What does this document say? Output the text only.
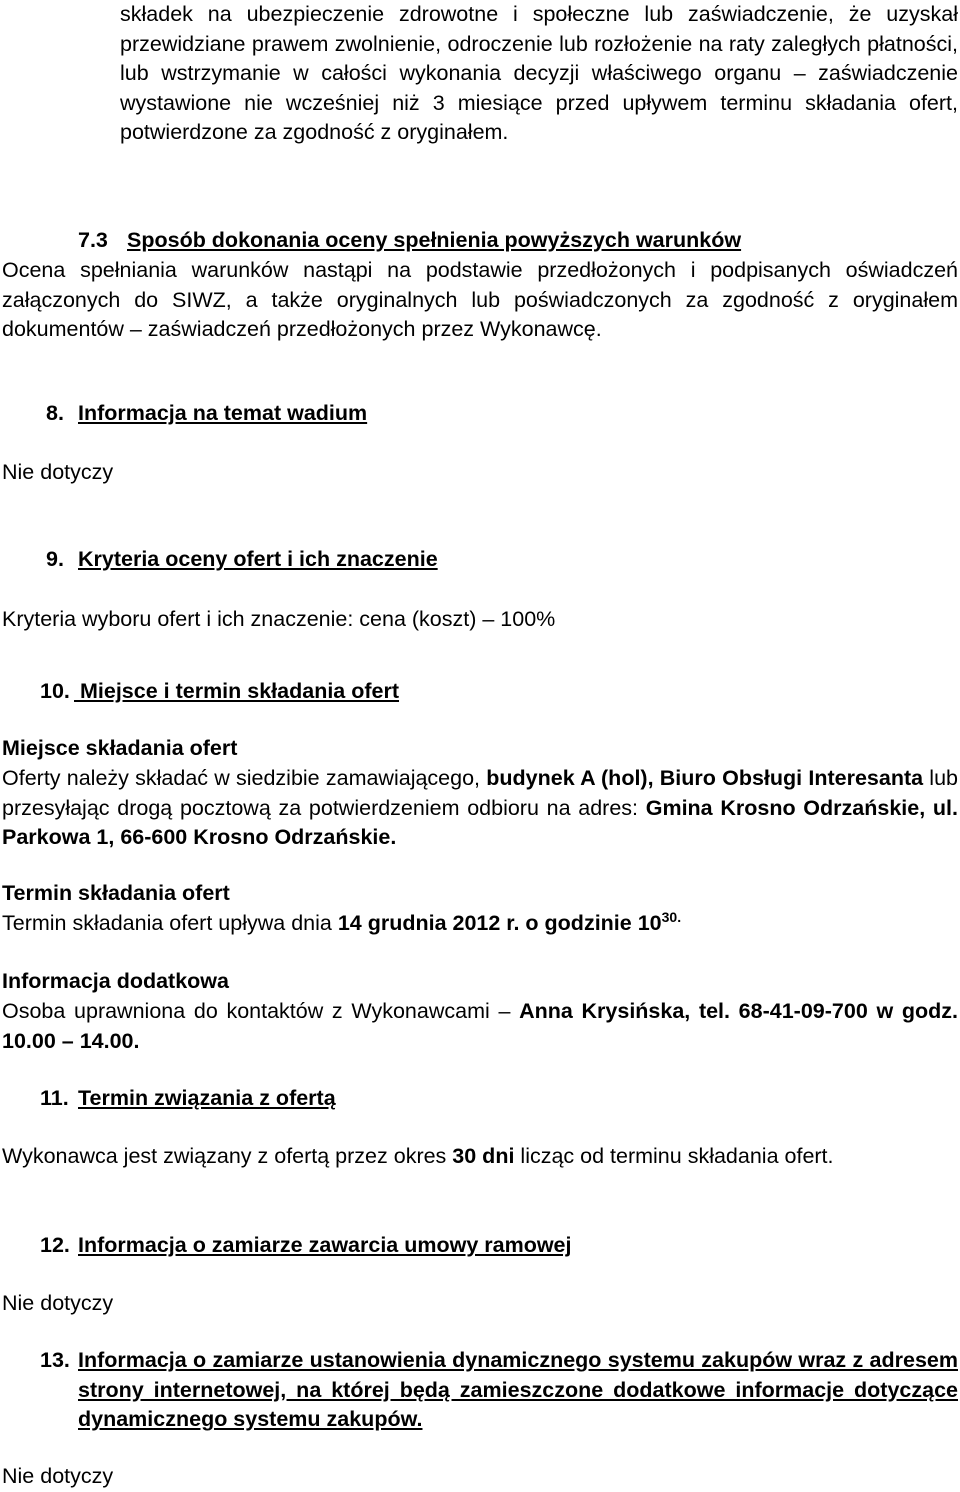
składek na ubezpieczenie zdrowotne i społeczne lub zaświadczenie, że uzyskał przewidziane prawem zwolnienie, odroczenie lub rozłożenie na raty zaległych płatności, lub wstrzymanie w całości wykonania decyzji właściwego organu – zaświadczenie wystawione nie wcześniej niż 3 miesiące przed upływem terminu składania ofert, potwierdzone za zgodność z oryginałem.
7.3 Sposób dokonania oceny spełnienia powyższych warunków
Ocena spełniania warunków nastąpi na podstawie przedłożonych i podpisanych oświadczeń załączonych do SIWZ, a także oryginalnych lub poświadczonych za zgodność z oryginałem dokumentów – zaświadczeń przedłożonych przez Wykonawcę.
8. Informacja na temat wadium
Nie dotyczy
9. Kryteria oceny ofert i ich znaczenie
Kryteria wyboru ofert i ich znaczenie: cena (koszt) – 100%
10. Miejsce i termin składania ofert
Miejsce składania ofert
Oferty należy składać w siedzibie zamawiającego, budynek A (hol), Biuro Obsługi Interesanta lub przesyłając drogą pocztową za potwierdzeniem odbioru na adres: Gmina Krosno Odrzańskie, ul. Parkowa 1, 66-600 Krosno Odrzańskie.
Termin składania ofert
Termin składania ofert upływa dnia 14 grudnia 2012 r. o godzinie $10^{30.}$
Informacja dodatkowa
Osoba uprawniona do kontaktów z Wykonawcami – Anna Krysińska, tel. 68-41-09-700 w godz. 10.00 – 14.00.
11. Termin związania z ofertą
Wykonawca jest związany z ofertą przez okres 30 dni licząc od terminu składania ofert.
12. Informacja o zamiarze zawarcia umowy ramowej
Nie dotyczy
13. Informacja o zamiarze ustanowienia dynamicznego systemu zakupów wraz z adresem strony internetowej, na której będą zamieszczone dodatkowe informacje dotyczące dynamicznego systemu zakupów.
Nie dotyczy
